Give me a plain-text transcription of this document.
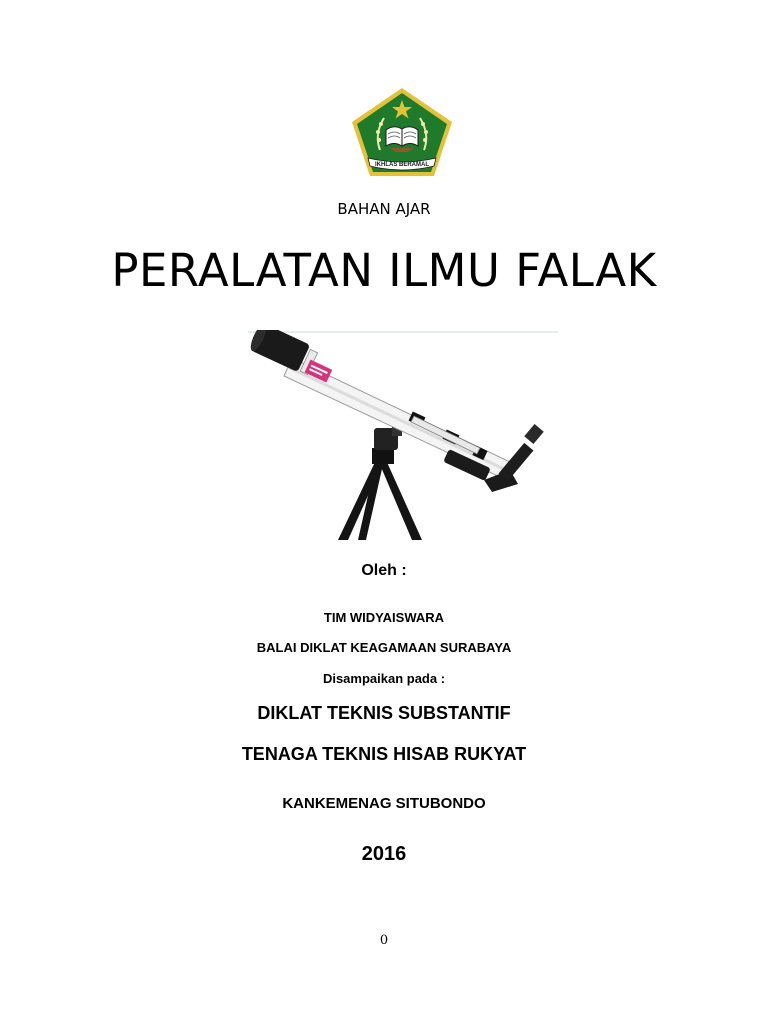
IKHLAS BERAMAL
BAHAN AJAR
PERALATAN ILMU FALAK
Oleh :
TIM WIDYAISWARA
BALAI DIKLAT KEAGAMAAN SURABAYA
Disampaikan pada :
DIKLAT TEKNIS SUBSTANTIF
TENAGA TEKNIS HISAB RUKYAT
KANKEMENAG SITUBONDO
2016
0
